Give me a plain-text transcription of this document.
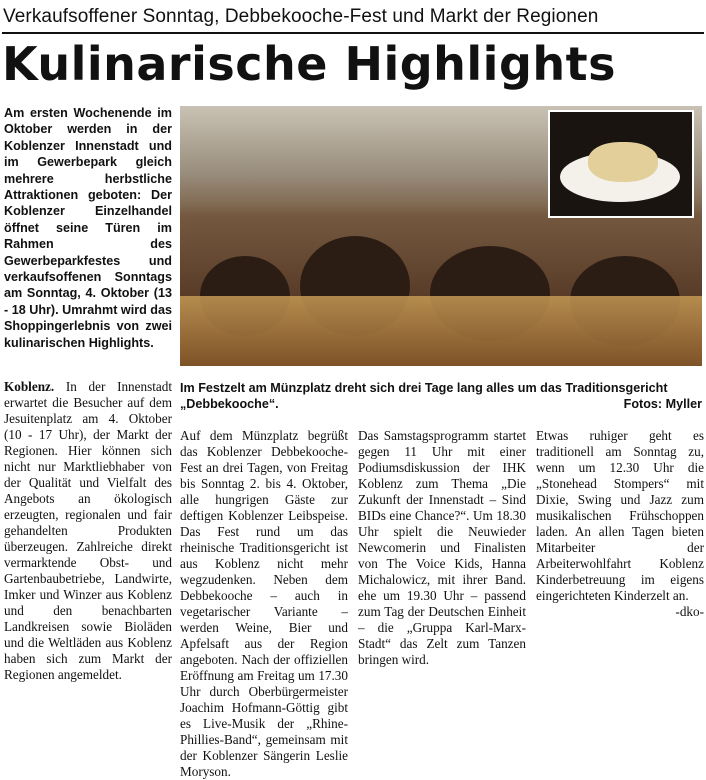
Verkaufsoffener Sonntag, Debbekooche-Fest und Markt der Regionen
Kulinarische Highlights
Am ersten Wochenende im Oktober werden in der Koblenzer Innenstadt und im Gewerbepark gleich mehrere herbstliche Attraktionen geboten: Der Koblenzer Einzelhandel öffnet seine Türen im Rahmen des Gewerbeparkfestes und verkaufsoffenen Sonntags am Sonntag, 4. Oktober (13 - 18 Uhr). Umrahmt wird das Shoppingerlebnis von zwei kulinarischen Highlights.
Im Festzelt am Münzplatz dreht sich drei Tage lang alles um das Traditionsgericht „Debbekooche“.	Fotos: Myller
Koblenz. In der Innenstadt erwartet die Besucher auf dem Jesuitenplatz am 4. Oktober (10 - 17 Uhr), der Markt der Regionen. Hier können sich nicht nur Marktliebhaber von der Qualität und Vielfalt des Angebots an ökologisch erzeugten, regionalen und fair gehandelten Produkten überzeugen. Zahlreiche direkt vermarktende Obst- und Gartenbaubetriebe, Landwirte, Imker und Winzer aus Koblenz und den benachbarten Landkreisen sowie Bioläden und die Weltläden aus Koblenz haben sich zum Markt der Regionen angemeldet.
Auf dem Münzplatz begrüßt das Koblenzer Debbekooche-Fest an drei Tagen, von Freitag bis Sonntag 2. bis 4. Oktober, alle hungrigen Gäste zur deftigen Koblenzer Leibspeise. Das Fest rund um das rheinische Traditionsgericht ist aus Koblenz nicht mehr wegzudenken. Neben dem Debbekooche – auch in vegetarischer Variante – werden Weine, Bier und Apfelsaft aus der Region angeboten. Nach der offiziellen Eröffnung am Freitag um 17.30 Uhr durch Oberbürgermeister Joachim Hofmann-Göttig gibt es Live-Musik der „Rhine-Phillies-Band“, gemeinsam mit der Koblenzer Sängerin Leslie Moryson.
Das Samstagsprogramm startet gegen 11 Uhr mit einer Podiumsdiskussion der IHK Koblenz zum Thema „Die Zukunft der Innenstadt – Sind BIDs eine Chance?“. Um 18.30 Uhr spielt die Neuwieder Newcomerin und Finalisten von The Voice Kids, Hanna Michalowicz, mit ihrer Band. ehe um 19.30 Uhr – passend zum Tag der Deutschen Einheit – die „Gruppa Karl-Marx-Stadt“ das Zelt zum Tanzen bringen wird.
Etwas ruhiger geht es traditionell am Sonntag zu, wenn um 12.30 Uhr die „Stonehead Stompers“ mit Dixie, Swing und Jazz zum musikalischen Frühschoppen laden. An allen Tagen bieten Mitarbeiter der Arbeiterwohlfahrt Koblenz Kinderbetreuung im eigens eingerichteten Kinderzelt an.
-dko-
